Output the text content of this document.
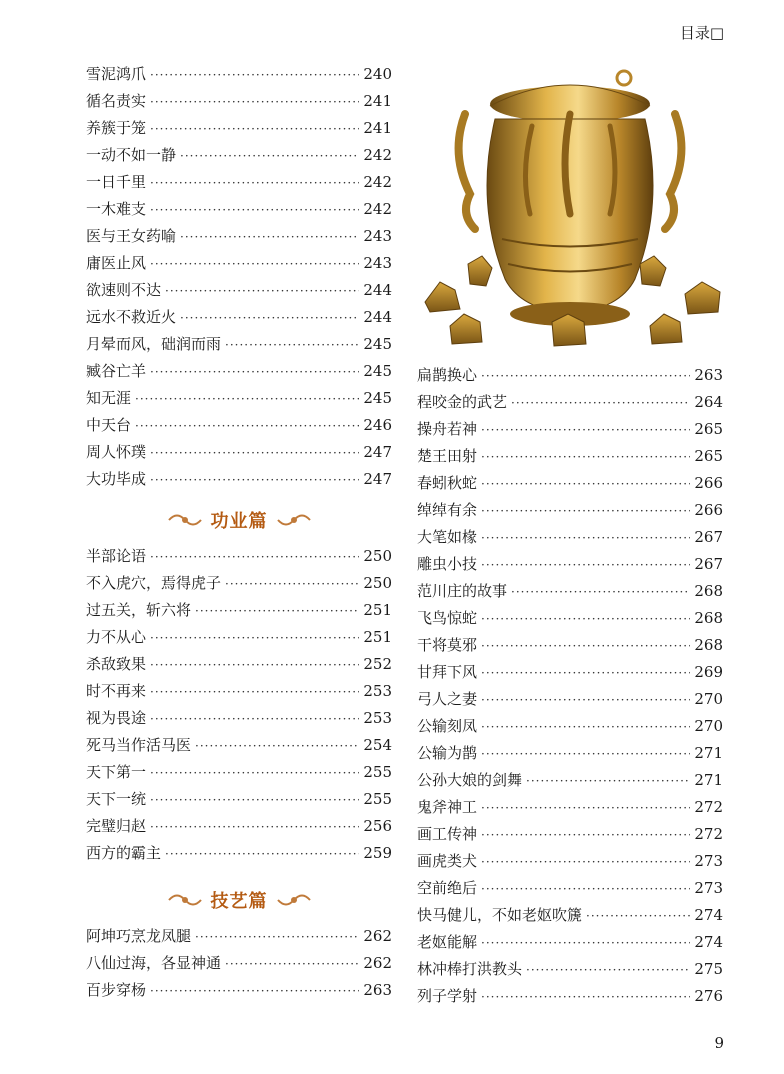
目录□
雪泥鸿爪 ·····	240
循名责实 ·····	241
养簇于笼 ·····	241
一动不如一静 ·····	242
一日千里 ·····	242
一木难支 ·····	242
医与王女药喻 ·····	243
庸医止风 ·····	243
欲速则不达 ·····	244
远水不救近火 ·····	244
月晕而风，础润而雨 ·····	245
臧谷亡羊 ·····	245
知无涯 ·····	245
中天台 ·····	246
周人怀璞 ·····	247
大功毕成 ·····	247
功业篇
半部论语 ·····	250
不入虎穴，焉得虎子 ·····	250
过五关，斩六将 ·····	251
力不从心 ·····	251
杀敌致果 ·····	252
时不再来 ·····	253
视为畏途 ·····	253
死马当作活马医 ·····	254
天下第一 ·····	255
天下一统 ·····	255
完璧归赵 ·····	256
西方的霸主 ·····	259
技艺篇
阿坤巧烹龙凤腿 ·····	262
八仙过海，各显神通 ·····	262
百步穿杨 ·····	263
扁鹊换心 ·····	263
程咬金的武艺 ·····	264
操舟若神 ·····	265
楚王田射 ·····	265
春蚓秋蛇 ·····	266
绰绰有余 ·····	266
大笔如椽 ·····	267
雕虫小技 ·····	267
范川庄的故事 ·····	268
飞鸟惊蛇 ·····	268
干将莫邪 ·····	268
甘拜下风 ·····	269
弓人之妻 ·····	270
公输刻凤 ·····	270
公输为鹊 ·····	271
公孙大娘的剑舞 ·····	271
鬼斧神工 ·····	272
画工传神 ·····	272
画虎类犬 ·····	273
空前绝后 ·····	273
快马健儿，不如老妪吹篪 ·····	274
老妪能解 ·····	274
林冲棒打洪教头 ·····	275
列子学射 ·····	276
9
